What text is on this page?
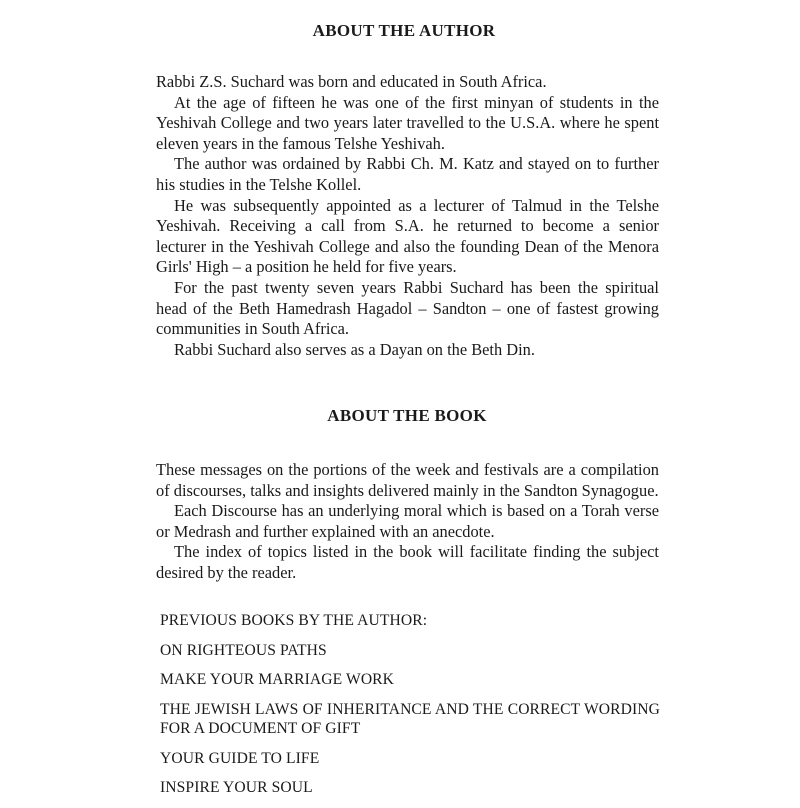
ABOUT THE AUTHOR

Rabbi Z.S. Suchard was born and educated in South Africa.

At the age of fifteen he was one of the first minyan of students in the Yeshivah College and two years later travelled to the U.S.A. where he spent eleven years in the famous Telshe Yeshivah.

The author was ordained by Rabbi Ch. M. Katz and stayed on to further his studies in the Telshe Kollel.

He was subsequently appointed as a lecturer of Talmud in the Telshe Yeshivah. Receiving a call from S.A. he returned to become a senior lecturer in the Yeshivah College and also the founding Dean of the Menora Girls' High – a position he held for five years.

For the past twenty seven years Rabbi Suchard has been the spiritual head of the Beth Hamedrash Hagadol – Sandton – one of fastest growing communities in South Africa.

Rabbi Suchard also serves as a Dayan on the Beth Din.

ABOUT THE BOOK

These messages on the portions of the week and festivals are a compilation of discourses, talks and insights delivered mainly in the Sandton Synagogue.

Each Discourse has an underlying moral which is based on a Torah verse or Medrash and further explained with an anecdote.

The index of topics listed in the book will facilitate finding the subject desired by the reader.

PREVIOUS BOOKS BY THE AUTHOR:

ON RIGHTEOUS PATHS
MAKE YOUR MARRIAGE WORK
THE JEWISH LAWS OF INHERITANCE AND THE CORRECT WORDING FOR A DOCUMENT OF GIFT
YOUR GUIDE TO LIFE
INSPIRE YOUR SOUL
